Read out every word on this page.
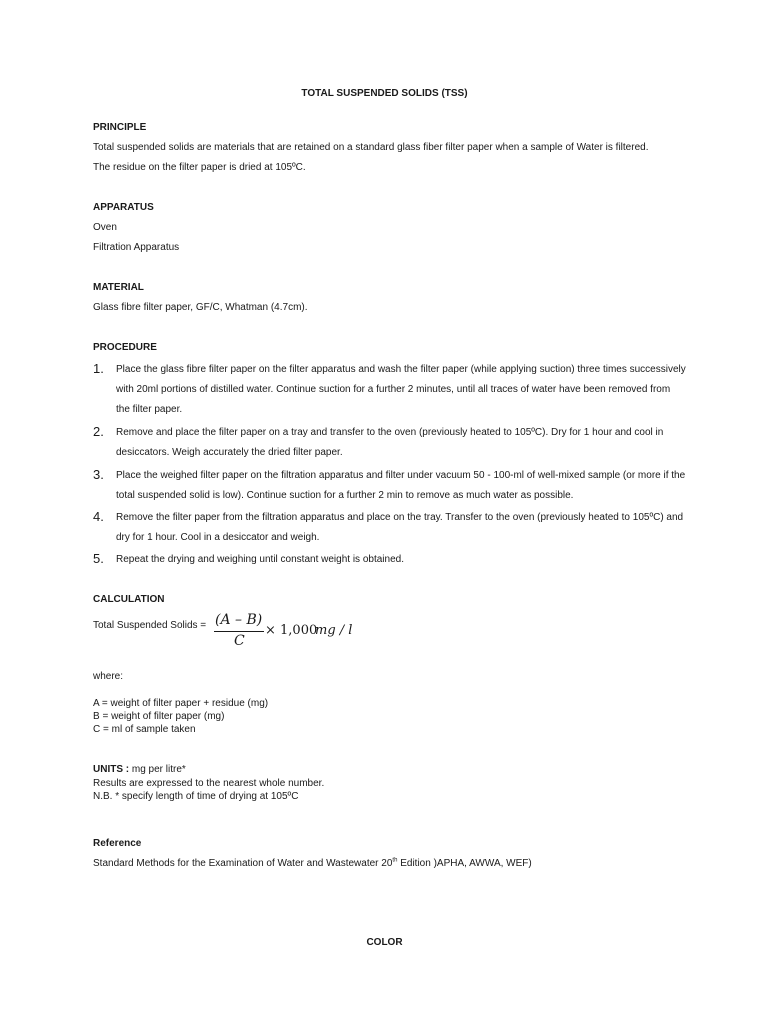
TOTAL SUSPENDED SOLIDS (TSS)
PRINCIPLE
Total suspended solids are materials that are retained on a standard glass fiber filter paper when a sample of Water is filtered.
The residue on the filter paper is dried at 105ºC.
APPARATUS
Oven
Filtration Apparatus
MATERIAL
Glass fibre filter paper, GF/C, Whatman (4.7cm).
PROCEDURE
1. Place the glass fibre filter paper on the filter apparatus and wash the filter paper (while applying suction) three times successively with 20ml portions of distilled water. Continue suction for a further 2 minutes, until all traces of water have been removed from the filter paper.
2. Remove and place the filter paper on a tray and transfer to the oven (previously heated to 105ºC). Dry for 1 hour and cool in desiccators. Weigh accurately the dried filter paper.
3. Place the weighed filter paper on the filtration apparatus and filter under vacuum 50 - 100-ml of well-mixed sample (or more if the total suspended solid is low). Continue suction for a further 2 min to remove as much water as possible.
4. Remove the filter paper from the filtration apparatus and place on the tray. Transfer to the oven (previously heated to 105ºC) and dry for 1 hour. Cool in a desiccator and weigh.
5. Repeat the drying and weighing until constant weight is obtained.
CALCULATION
Total Suspended Solids = (A – B)
C
× 1,000
mg / l
where:
A = weight of filter paper + residue (mg)
B = weight of filter paper (mg)
C = ml of sample taken
UNITS : mg per litre*
Results are expressed to the nearest whole number.
N.B. * specify length of time of drying at 105ºC
Reference
Standard Methods for the Examination of Water and Wastewater 20th Edition )APHA, AWWA, WEF)
COLOR
